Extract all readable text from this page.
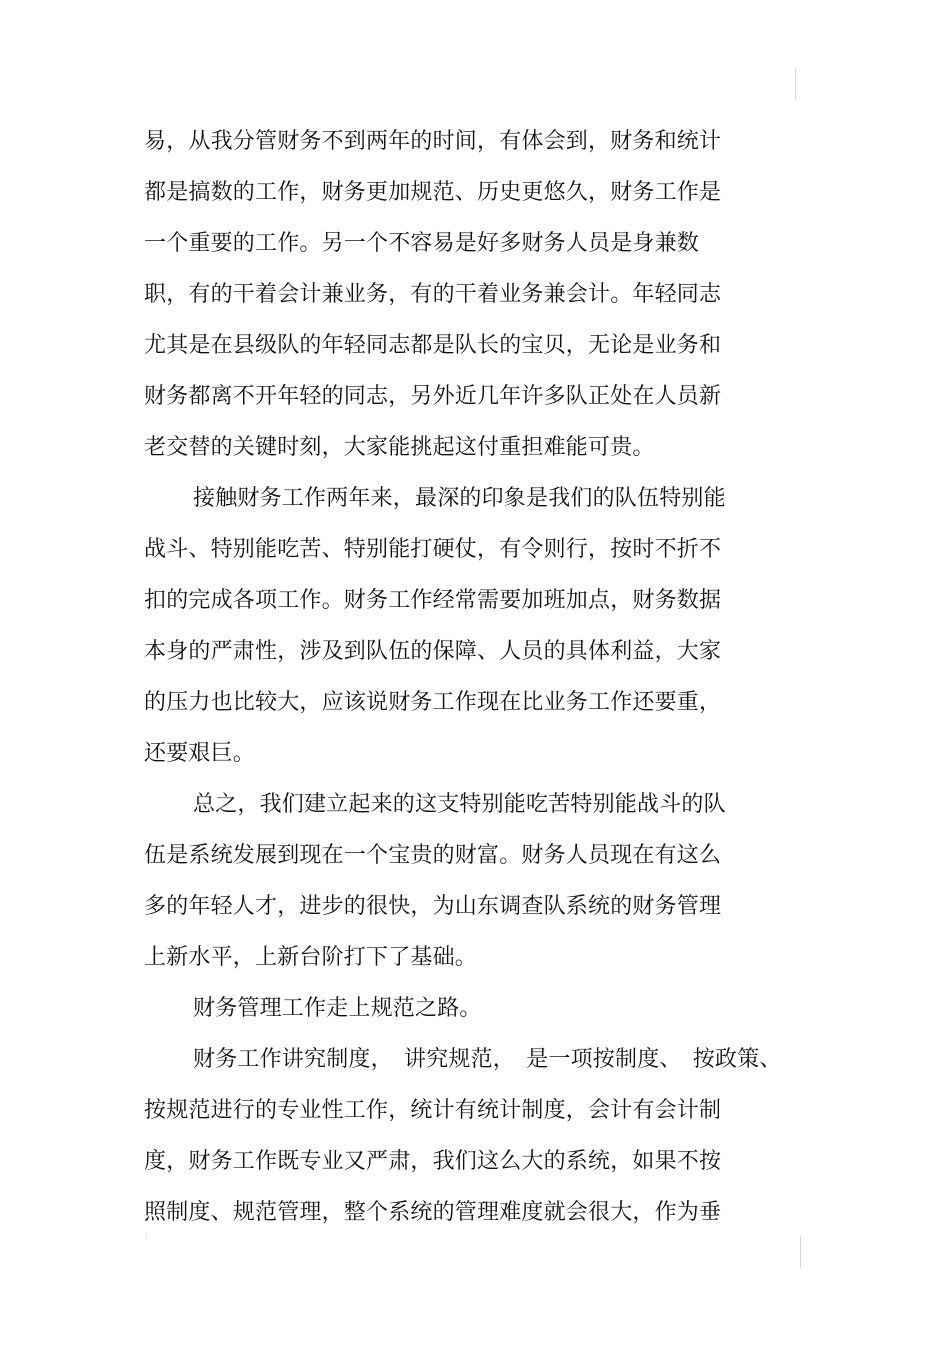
易，从我分管财务不到两年的时间，有体会到，财务和统计
都是搞数的工作，财务更加规范、历史更悠久，财务工作是
一个重要的工作。另一个不容易是好多财务人员是身兼数
职，有的干着会计兼业务，有的干着业务兼会计。年轻同志
尤其是在县级队的年轻同志都是队长的宝贝，无论是业务和
财务都离不开年轻的同志，另外近几年许多队正处在人员新
老交替的关键时刻，大家能挑起这付重担难能可贵。
接触财务工作两年来，最深的印象是我们的队伍特别能
战斗、特别能吃苦、特别能打硬仗，有令则行，按时不折不
扣的完成各项工作。财务工作经常需要加班加点，财务数据
本身的严肃性，涉及到队伍的保障、人员的具体利益，大家
的压力也比较大，应该说财务工作现在比业务工作还要重，
还要艰巨。
总之，我们建立起来的这支特别能吃苦特别能战斗的队
伍是系统发展到现在一个宝贵的财富。财务人员现在有这么
多的年轻人才，进步的很快，为山东调查队系统的财务管理
上新水平，上新台阶打下了基础。
财务管理工作走上规范之路。
财务工作讲究制度，　讲究规范，　是一项按制度、　按政策、
按规范进行的专业性工作，统计有统计制度，会计有会计制
度，财务工作既专业又严肃，我们这么大的系统，如果不按
照制度、规范管理，整个系统的管理难度就会很大，作为垂
